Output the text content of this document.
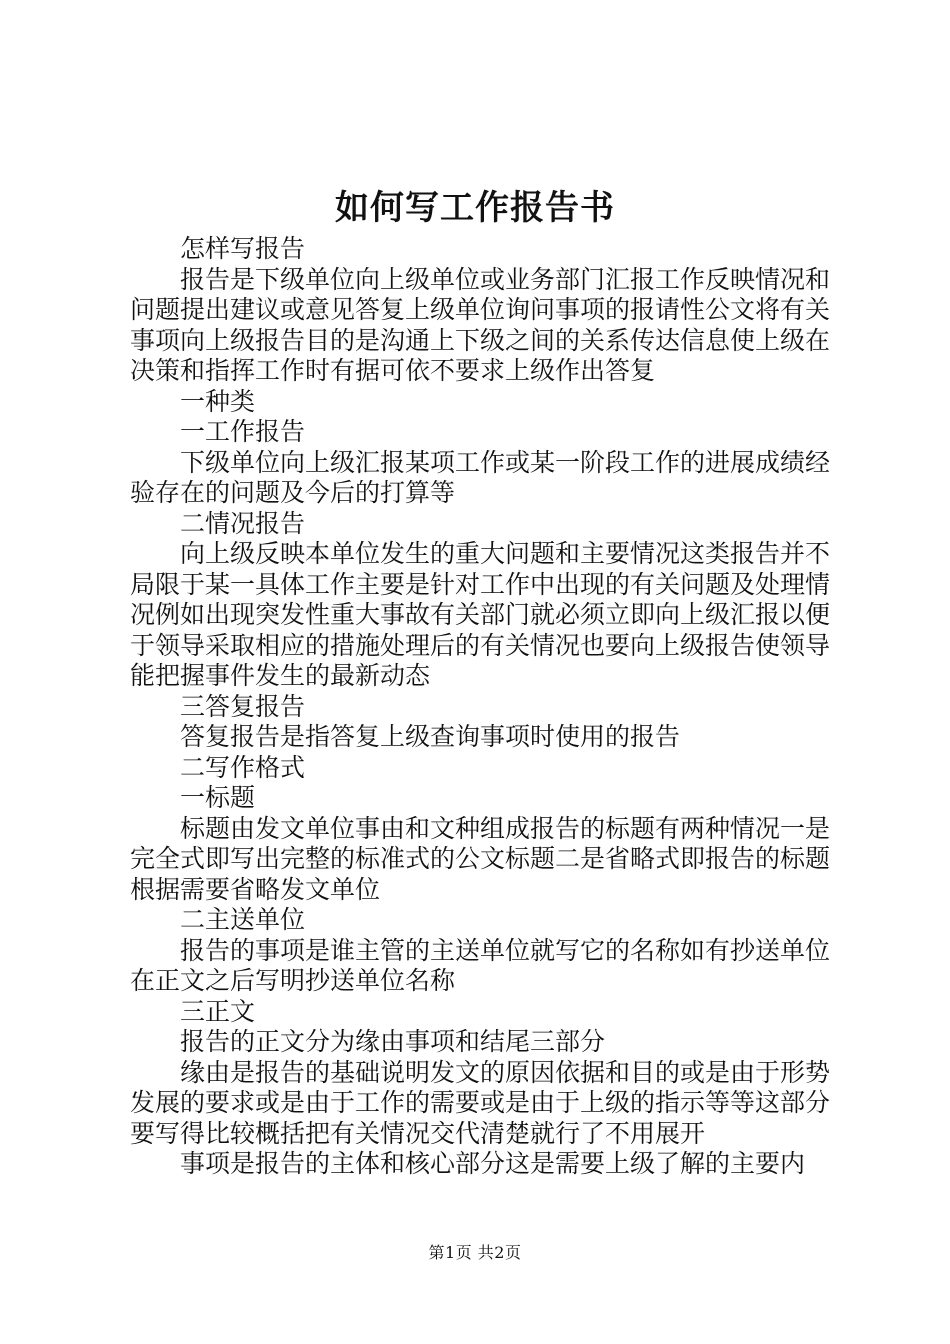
如何写工作报告书

怎样写报告

报告是下级单位向上级单位或业务部门汇报工作反映情况和问题提出建议或意见答复上级单位询问事项的报请性公文将有关事项向上级报告目的是沟通上下级之间的关系传达信息使上级在决策和指挥工作时有据可依不要求上级作出答复

一种类

一工作报告

下级单位向上级汇报某项工作或某一阶段工作的进展成绩经验存在的问题及今后的打算等

二情况报告

向上级反映本单位发生的重大问题和主要情况这类报告并不局限于某一具体工作主要是针对工作中出现的有关问题及处理情况例如出现突发性重大事故有关部门就必须立即向上级汇报以便于领导采取相应的措施处理后的有关情况也要向上级报告使领导能把握事件发生的最新动态

三答复报告

答复报告是指答复上级查询事项时使用的报告

二写作格式

一标题

标题由发文单位事由和文种组成报告的标题有两种情况一是完全式即写出完整的标准式的公文标题二是省略式即报告的标题根据需要省略发文单位

二主送单位

报告的事项是谁主管的主送单位就写它的名称如有抄送单位在正文之后写明抄送单位名称

三正文

报告的正文分为缘由事项和结尾三部分

缘由是报告的基础说明发文的原因依据和目的或是由于形势发展的要求或是由于工作的需要或是由于上级的指示等等这部分要写得比较概括把有关情况交代清楚就行了不用展开

事项是报告的主体和核心部分这是需要上级了解的主要内

第1页 共2页
